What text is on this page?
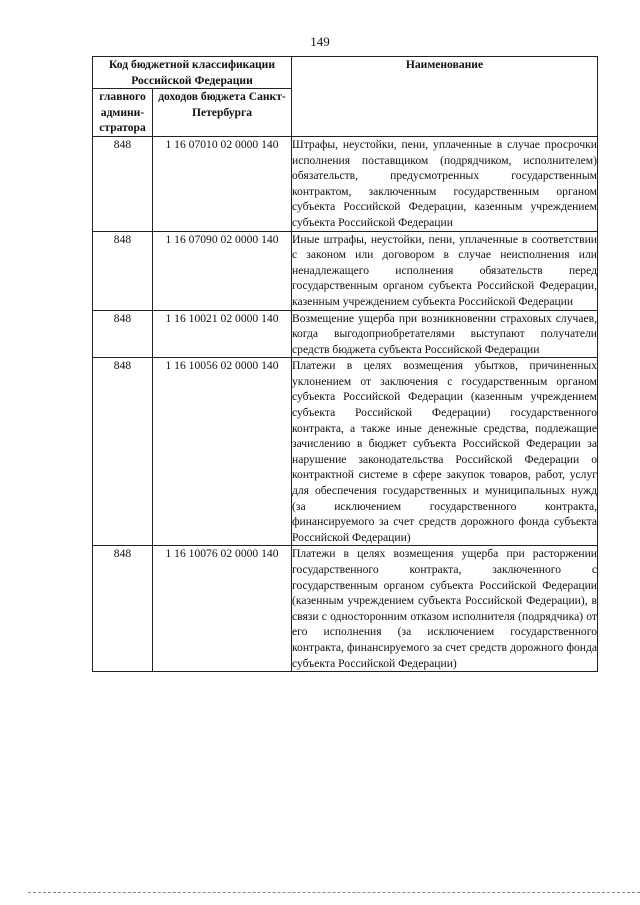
149
Код бюджетной классификации Российской Федерации		Наименование
главного админи-стратора	доходов бюджета Санкт-Петербурга	
848	1 16 07010 02 0000 140	Штрафы, неустойки, пени, уплаченные в случае просрочки исполнения поставщиком (подрядчиком, исполнителем) обязательств, предусмотренных государственным контрактом, заключенным государственным органом субъекта Российской Федерации, казенным учреждением субъекта Российской Федерации
848	1 16 07090 02 0000 140	Иные штрафы, неустойки, пени, уплаченные в соответствии с законом или договором в случае неисполнения или ненадлежащего исполнения обязательств перед государственным органом субъекта Российской Федерации, казенным учреждением субъекта Российской Федерации
848	1 16 10021 02 0000 140	Возмещение ущерба при возникновении страховых случаев, когда выгодоприобретателями выступают получатели средств бюджета субъекта Российской Федерации
848	1 16 10056 02 0000 140	Платежи в целях возмещения убытков, причиненных уклонением от заключения с государственным органом субъекта Российской Федерации (казенным учреждением субъекта Российской Федерации) государственного контракта, а также иные денежные средства, подлежащие зачислению в бюджет субъекта Российской Федерации за нарушение законодательства Российской Федерации о контрактной системе в сфере закупок товаров, работ, услуг для обеспечения государственных и муниципальных нужд (за исключением государственного контракта, финансируемого за счет средств дорожного фонда субъекта Российской Федерации)
848	1 16 10076 02 0000 140	Платежи в целях возмещения ущерба при расторжении государственного контракта, заключенного с государственным органом субъекта Российской Федерации (казенным учреждением субъекта Российской Федерации), в связи с односторонним отказом исполнителя (подрядчика) от его исполнения (за исключением государственного контракта, финансируемого за счет средств дорожного фонда субъекта Российской Федерации)
